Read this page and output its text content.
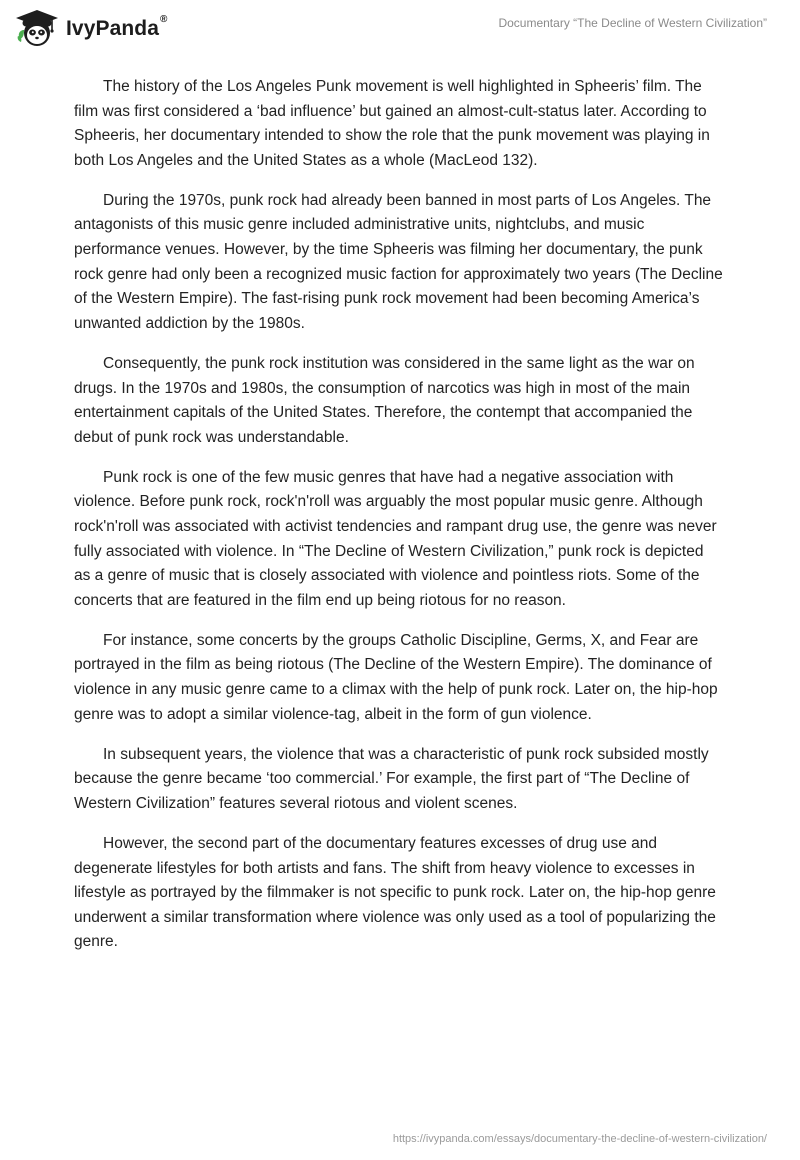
IvyPanda®	Documentary “The Decline of Western Civilization”

The history of the Los Angeles Punk movement is well highlighted in Spheeris’ film. The film was first considered a ‘bad influence’ but gained an almost-cult-status later. According to Spheeris, her documentary intended to show the role that the punk movement was playing in both Los Angeles and the United States as a whole (MacLeod 132).

During the 1970s, punk rock had already been banned in most parts of Los Angeles. The antagonists of this music genre included administrative units, nightclubs, and music performance venues. However, by the time Spheeris was filming her documentary, the punk rock genre had only been a recognized music faction for approximately two years (The Decline of the Western Empire). The fast-rising punk rock movement had been becoming America’s unwanted addiction by the 1980s.

Consequently, the punk rock institution was considered in the same light as the war on drugs. In the 1970s and 1980s, the consumption of narcotics was high in most of the main entertainment capitals of the United States. Therefore, the contempt that accompanied the debut of punk rock was understandable.

Punk rock is one of the few music genres that have had a negative association with violence. Before punk rock, rock'n'roll was arguably the most popular music genre. Although rock'n'roll was associated with activist tendencies and rampant drug use, the genre was never fully associated with violence. In “The Decline of Western Civilization,” punk rock is depicted as a genre of music that is closely associated with violence and pointless riots. Some of the concerts that are featured in the film end up being riotous for no reason.

For instance, some concerts by the groups Catholic Discipline, Germs, X, and Fear are portrayed in the film as being riotous (The Decline of the Western Empire). The dominance of violence in any music genre came to a climax with the help of punk rock. Later on, the hip-hop genre was to adopt a similar violence-tag, albeit in the form of gun violence.

In subsequent years, the violence that was a characteristic of punk rock subsided mostly because the genre became ‘too commercial.’ For example, the first part of “The Decline of Western Civilization” features several riotous and violent scenes.

However, the second part of the documentary features excesses of drug use and degenerate lifestyles for both artists and fans. The shift from heavy violence to excesses in lifestyle as portrayed by the filmmaker is not specific to punk rock. Later on, the hip-hop genre underwent a similar transformation where violence was only used as a tool of popularizing the genre.

https://ivypanda.com/essays/documentary-the-decline-of-western-civilization/
